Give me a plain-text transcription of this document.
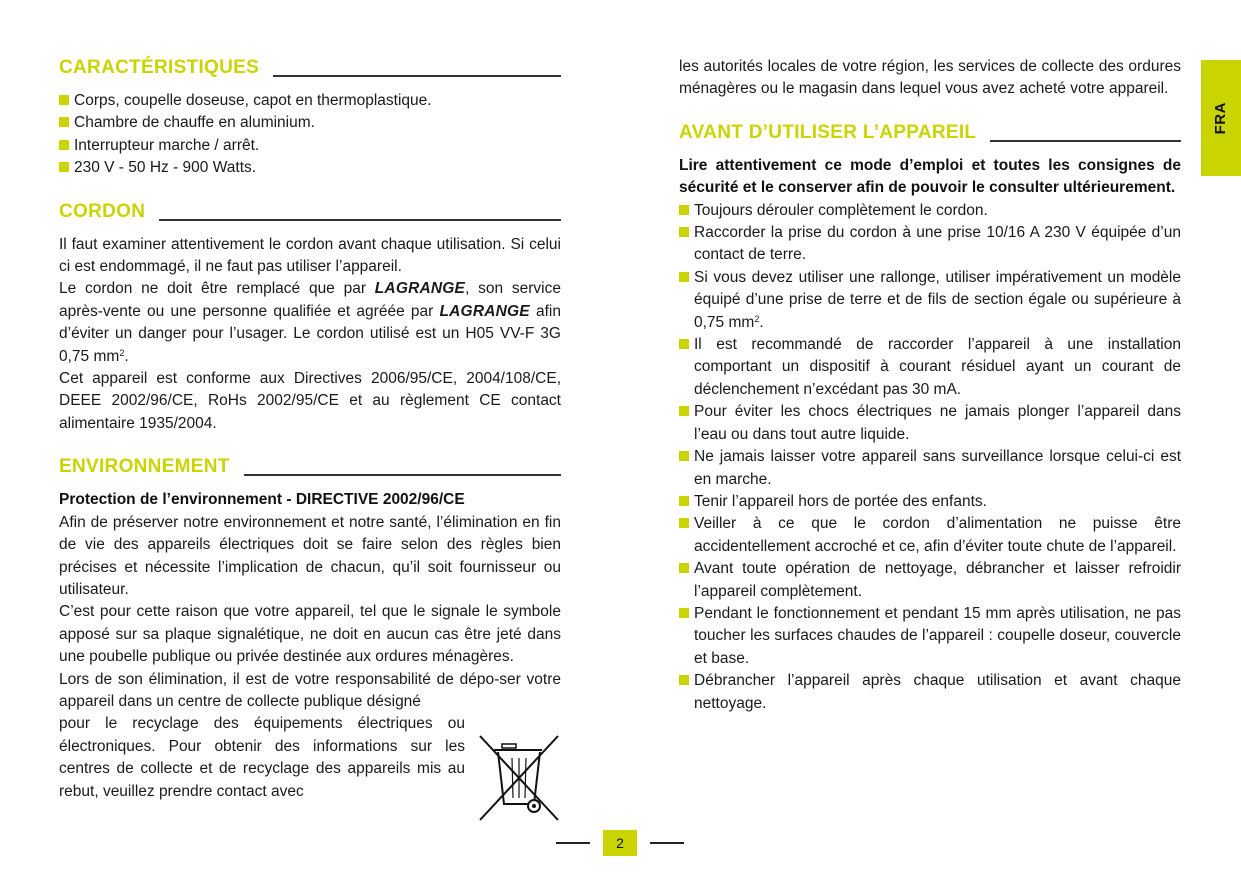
CARACTÉRISTIQUES
Corps, coupelle doseuse, capot en thermoplastique.
Chambre de chauffe en aluminium.
Interrupteur marche / arrêt.
230 V - 50 Hz - 900 Watts.
CORDON

Il faut examiner attentivement le cordon avant chaque utilisation. Si celui ci est endommagé, il ne faut pas utiliser l’appareil.

Le cordon ne doit être remplacé que par LAGRANGE, son service après-vente ou une personne qualifiée et agréée par LAGRANGE afin d’éviter un danger pour l’usager. Le cordon utilisé est un H05 VV-F 3G 0,75 $mm^2$.

Cet appareil est conforme aux Directives 2006/95/CE, 2004/108/CE, DEEE 2002/96/CE, RoHs 2002/95/CE et au règlement CE contact alimentaire 1935/2004.

ENVIRONNEMENT

Protection de l’environnement - DIRECTIVE 2002/96/CE

Afin de préserver notre environnement et notre santé, l’élimination en fin de vie des appareils électriques doit se faire selon des règles bien précises et nécessite l’implication de chacun, qu’il soit fournisseur ou utilisateur.

C’est pour cette raison que votre appareil, tel que le signale le symbole apposé sur sa plaque signalétique, ne doit en aucun cas être jeté dans une poubelle publique ou privée destinée aux ordures ménagères.

Lors de son élimination, il est de votre responsabilité de dépo-ser votre appareil dans un centre de collecte publique désigné

pour le recyclage des équipements électriques ou électroniques. Pour obtenir des informations sur les centres de collecte et de recyclage des appareils mis au rebut, veuillez prendre contact avec

les autorités locales de votre région, les services de collecte des ordures ménagères ou le magasin dans lequel vous avez acheté votre appareil.

AVANT D’UTILISER L’APPAREIL

Lire attentivement ce mode d’emploi et toutes les consignes de sécurité et le conserver afin de pouvoir le consulter ultérieurement.

Toujours dérouler complètement le cordon.
Raccorder la prise du cordon à une prise 10/16 A 230 V équipée d’un contact de terre.
Si vous devez utiliser une rallonge, utiliser impérativement un modèle équipé d’une prise de terre et de fils de section égale ou supérieure à 0,75 $mm^2$.
Il est recommandé de raccorder l’appareil à une installation comportant un dispositif à courant résiduel ayant un courant de déclenchement n’excédant pas 30 mA.
Pour éviter les chocs électriques ne jamais plonger l’appareil dans l’eau ou dans tout autre liquide.
Ne jamais laisser votre appareil sans surveillance lorsque celui-ci est en marche.
Tenir l’appareil hors de portée des enfants.
Veiller à ce que le cordon d’alimentation ne puisse être accidentellement accroché et ce, afin d’éviter toute chute de l’appareil.
Avant toute opération de nettoyage, débrancher et laisser refroidir l’appareil complètement.
Pendant le fonctionnement et pendant 15 mm après utilisation, ne pas toucher les surfaces chaudes de l’appareil : coupelle doseur, couvercle et base.
Débrancher l’appareil après chaque utilisation et avant chaque nettoyage.
FRA
2
